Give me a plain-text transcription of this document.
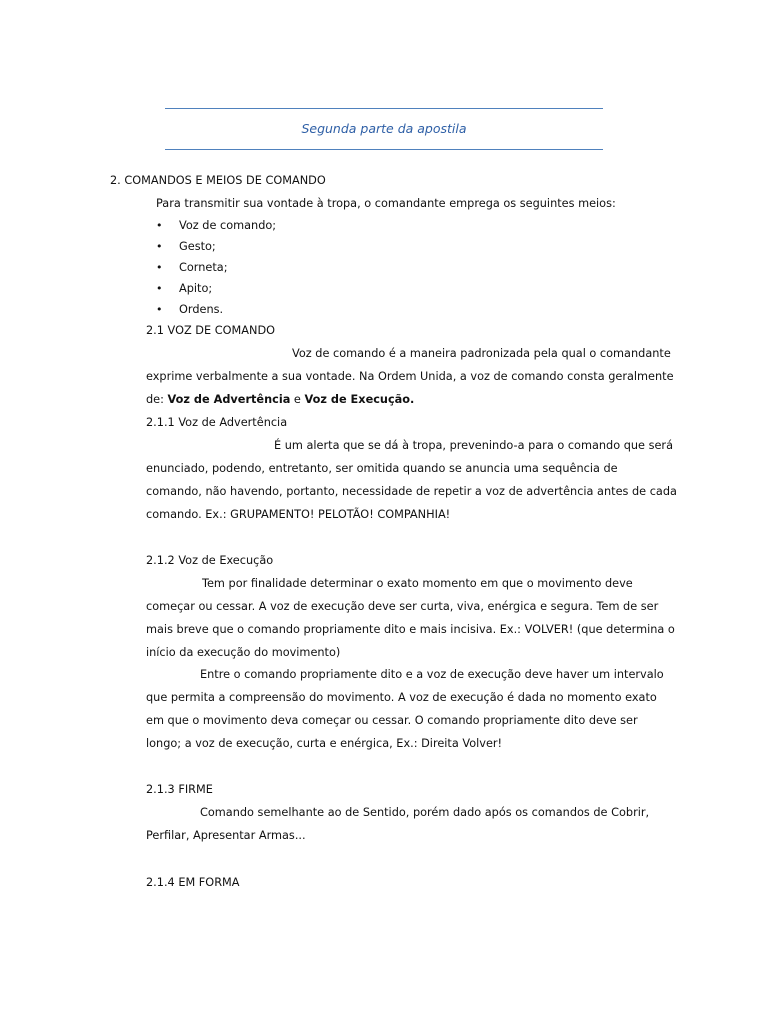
Segunda parte da apostila
2. COMANDOS E MEIOS DE COMANDO
Para transmitir sua vontade à tropa, o comandante emprega os seguintes meios:
• Voz de comando;
• Gesto;
• Corneta;
• Apito;
• Ordens.
2.1 VOZ DE COMANDO
Voz de comando é a maneira padronizada pela qual o comandante
exprime verbalmente a sua vontade. Na Ordem Unida, a voz de comando consta geralmente
de: Voz de Advertência e Voz de Execução.
2.1.1 Voz de Advertência
É um alerta que se dá à tropa, prevenindo-a para o comando que será
enunciado, podendo, entretanto, ser omitida quando se anuncia uma sequência de
comando, não havendo, portanto, necessidade de repetir a voz de advertência antes de cada
comando. Ex.: GRUPAMENTO! PELOTÃO! COMPANHIA!
2.1.2 Voz de Execução
Tem por finalidade determinar o exato momento em que o movimento deve
começar ou cessar. A voz de execução deve ser curta, viva, enérgica e segura. Tem de ser
mais breve que o comando propriamente dito e mais incisiva. Ex.: VOLVER! (que determina o
início da execução do movimento)
Entre o comando propriamente dito e a voz de execução deve haver um intervalo
que permita a compreensão do movimento. A voz de execução é dada no momento exato
em que o movimento deva começar ou cessar. O comando propriamente dito deve ser
longo; a voz de execução, curta e enérgica, Ex.: Direita Volver!
2.1.3 FIRME
Comando semelhante ao de Sentido, porém dado após os comandos de Cobrir,
Perfilar, Apresentar Armas...
2.1.4 EM FORMA
